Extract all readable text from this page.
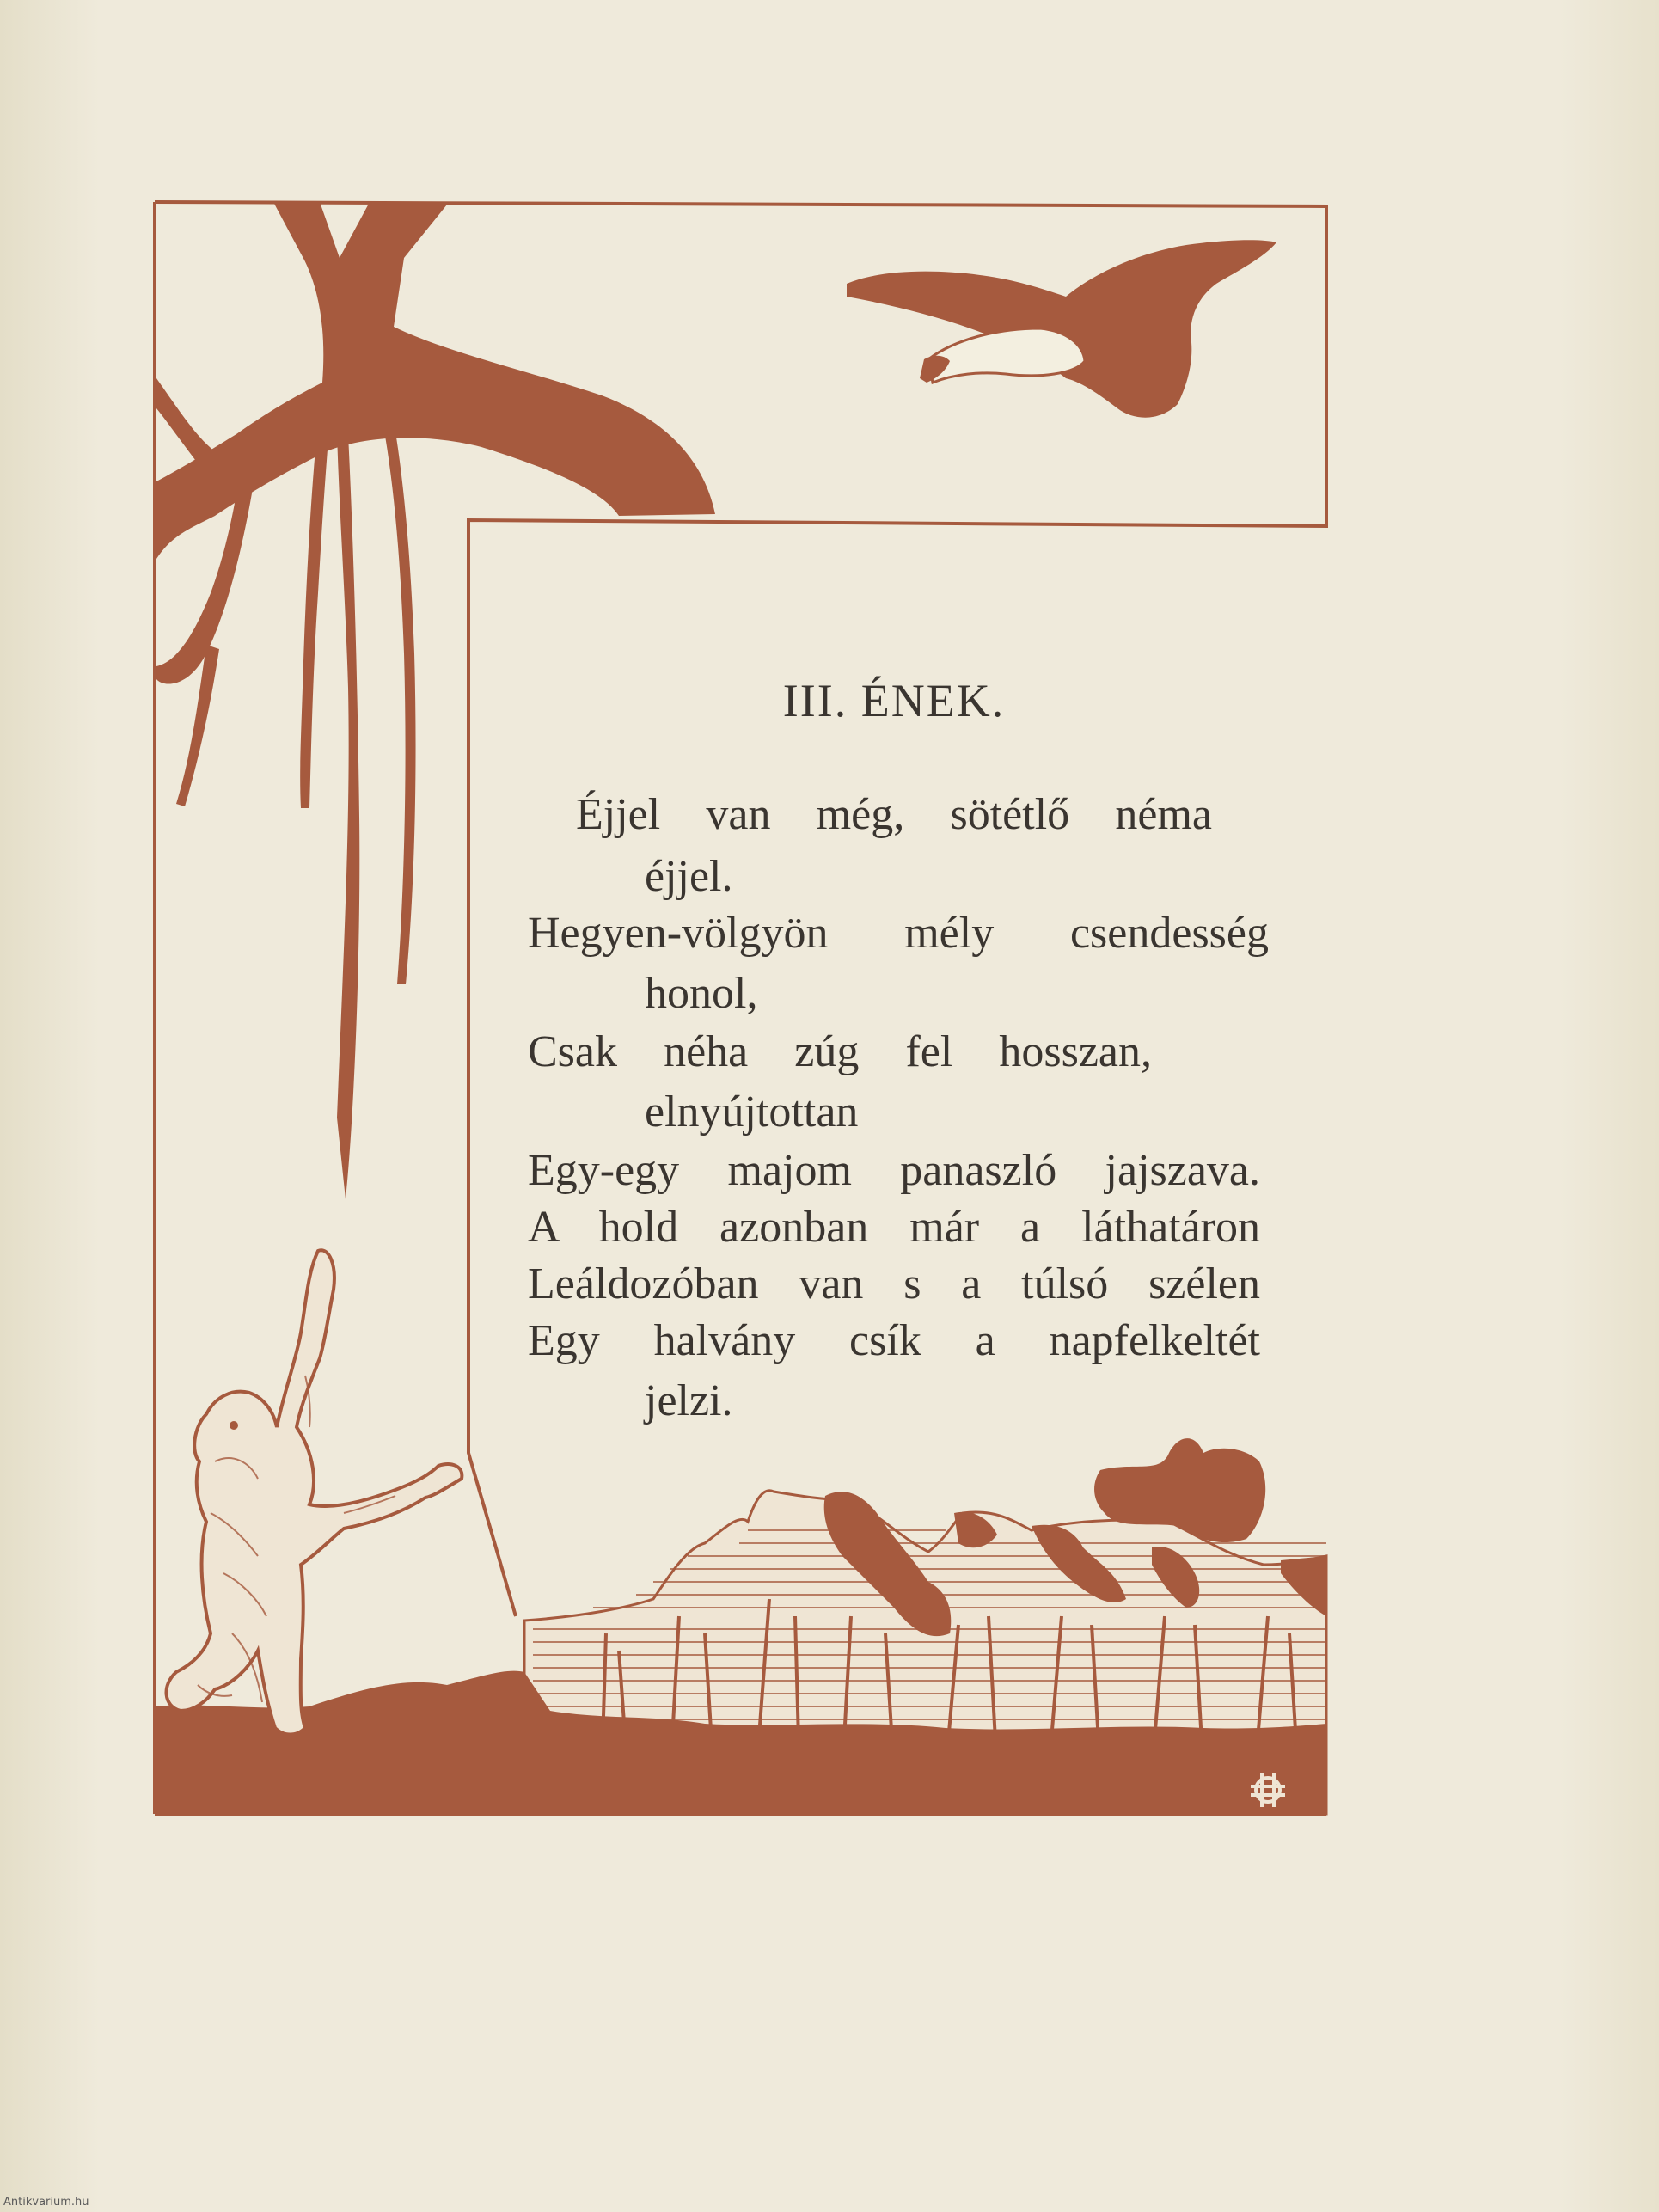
III. ÉNEK.
Éjjel van még, sötétlő néma
éjjel.
Hegyen-völgyön mély csendesség
honol,
Csak néha zúg fel hosszan,
elnyújtottan
Egy-egy majom panaszló jajszava.
A hold azonban már a láthatáron
Leáldozóban van s a túlsó szélen
Egy halvány csík a napfelkeltét
jelzi.
Antikvarium.hu
